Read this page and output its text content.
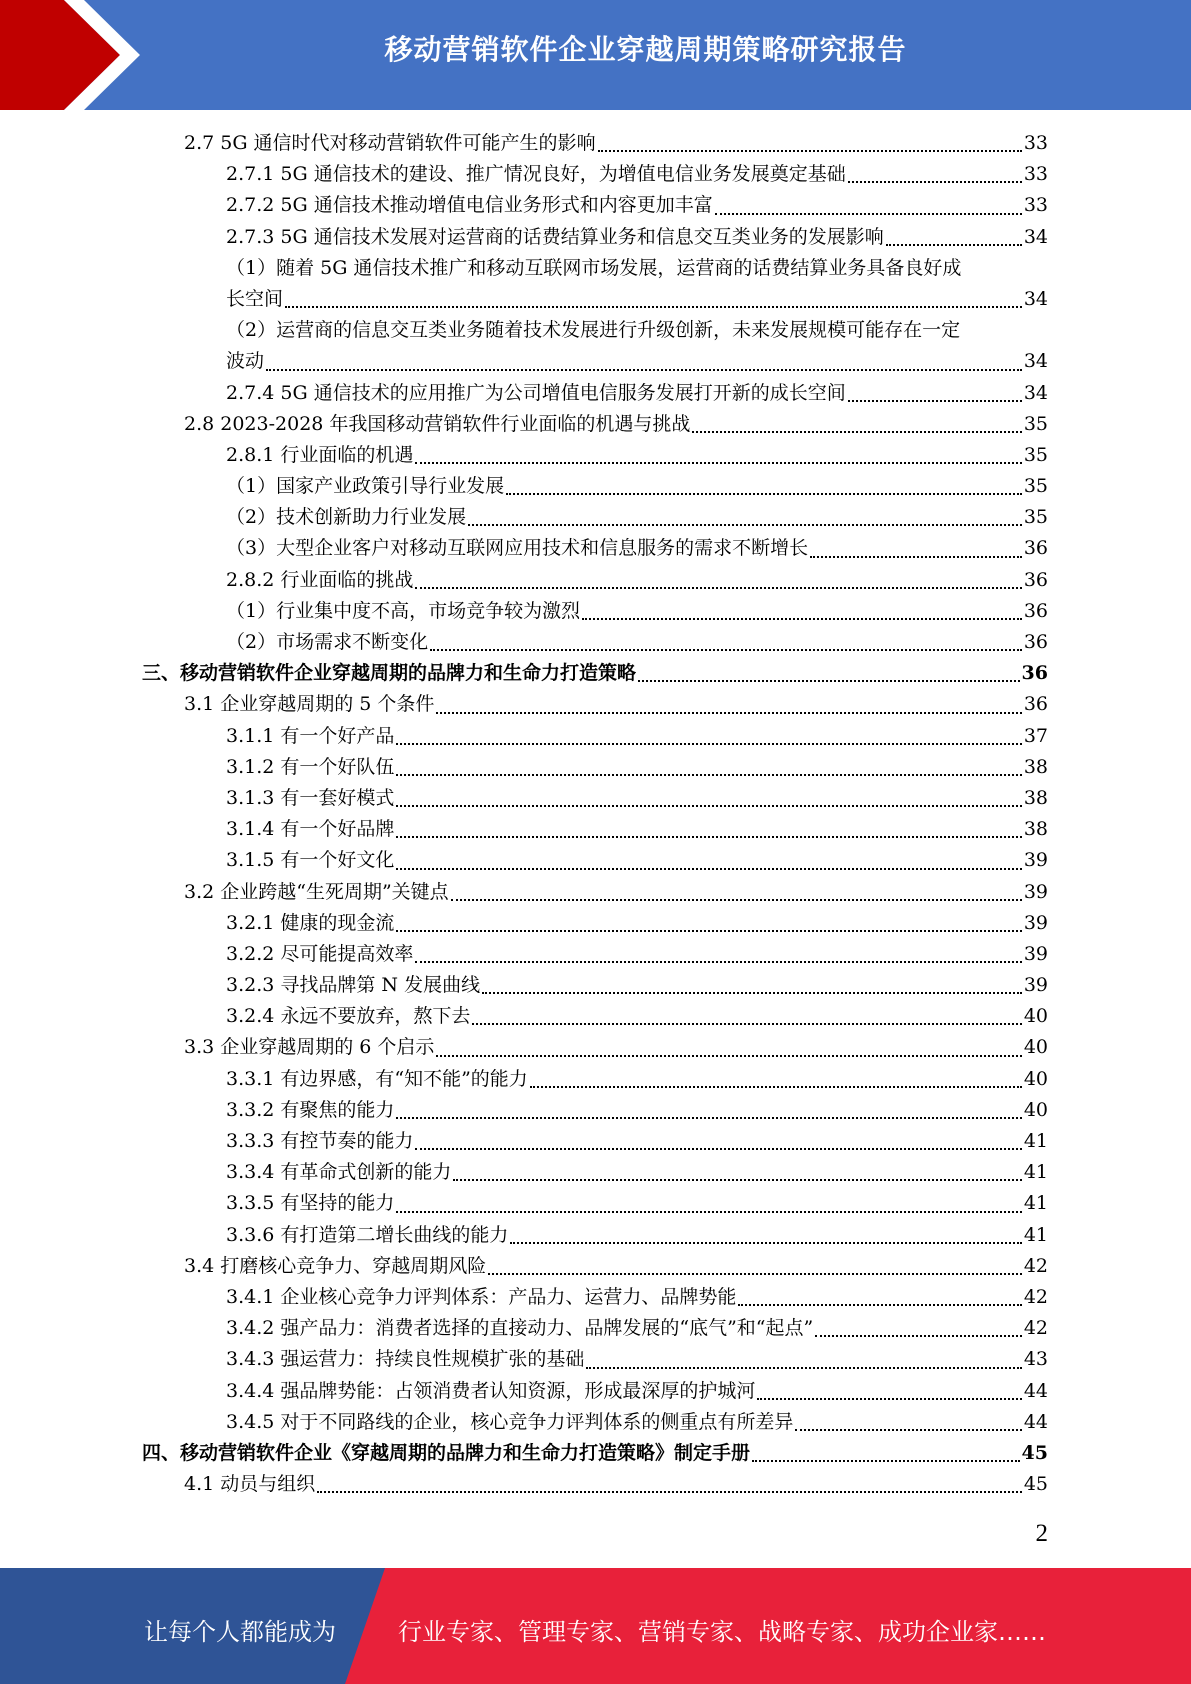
移动营销软件企业穿越周期策略研究报告
2.7 5G 通信时代对移动营销软件可能产生的影响	33
2.7.1 5G 通信技术的建设、推广情况良好，为增值电信业务发展奠定基础	33
2.7.2 5G 通信技术推动增值电信业务形式和内容更加丰富	33
2.7.3 5G 通信技术发展对运营商的话费结算业务和信息交互类业务的发展影响	34
（1）随着 5G 通信技术推广和移动互联网市场发展，运营商的话费结算业务具备良好成
长空间	34
（2）运营商的信息交互类业务随着技术发展进行升级创新，未来发展规模可能存在一定
波动	34
2.7.4 5G 通信技术的应用推广为公司增值电信服务发展打开新的成长空间	34
2.8 2023-2028 年我国移动营销软件行业面临的机遇与挑战	35
2.8.1 行业面临的机遇	35
（1）国家产业政策引导行业发展	35
（2）技术创新助力行业发展	35
（3）大型企业客户对移动互联网应用技术和信息服务的需求不断增长	36
2.8.2 行业面临的挑战	36
（1）行业集中度不高，市场竞争较为激烈	36
（2）市场需求不断变化	36
三、移动营销软件企业穿越周期的品牌力和生命力打造策略	36
3.1 企业穿越周期的 5 个条件	36
3.1.1 有一个好产品	37
3.1.2 有一个好队伍	38
3.1.3 有一套好模式	38
3.1.4 有一个好品牌	38
3.1.5 有一个好文化	39
3.2 企业跨越“生死周期”关键点	39
3.2.1 健康的现金流	39
3.2.2 尽可能提高效率	39
3.2.3 寻找品牌第 N 发展曲线	39
3.2.4 永远不要放弃，熬下去	40
3.3 企业穿越周期的 6 个启示	40
3.3.1 有边界感，有“知不能”的能力	40
3.3.2 有聚焦的能力	40
3.3.3 有控节奏的能力	41
3.3.4 有革命式创新的能力	41
3.3.5 有坚持的能力	41
3.3.6 有打造第二增长曲线的能力	41
3.4 打磨核心竞争力、穿越周期风险	42
3.4.1 企业核心竞争力评判体系：产品力、运营力、品牌势能	42
3.4.2 强产品力：消费者选择的直接动力、品牌发展的“底气”和“起点”	42
3.4.3 强运营力：持续良性规模扩张的基础	43
3.4.4 强品牌势能：占领消费者认知资源，形成最深厚的护城河	44
3.4.5 对于不同路线的企业，核心竞争力评判体系的侧重点有所差异	44
四、移动营销软件企业《穿越周期的品牌力和生命力打造策略》制定手册	45
4.1 动员与组织	45
2
让每个人都能成为	行业专家、管理专家、营销专家、战略专家、成功企业家……
